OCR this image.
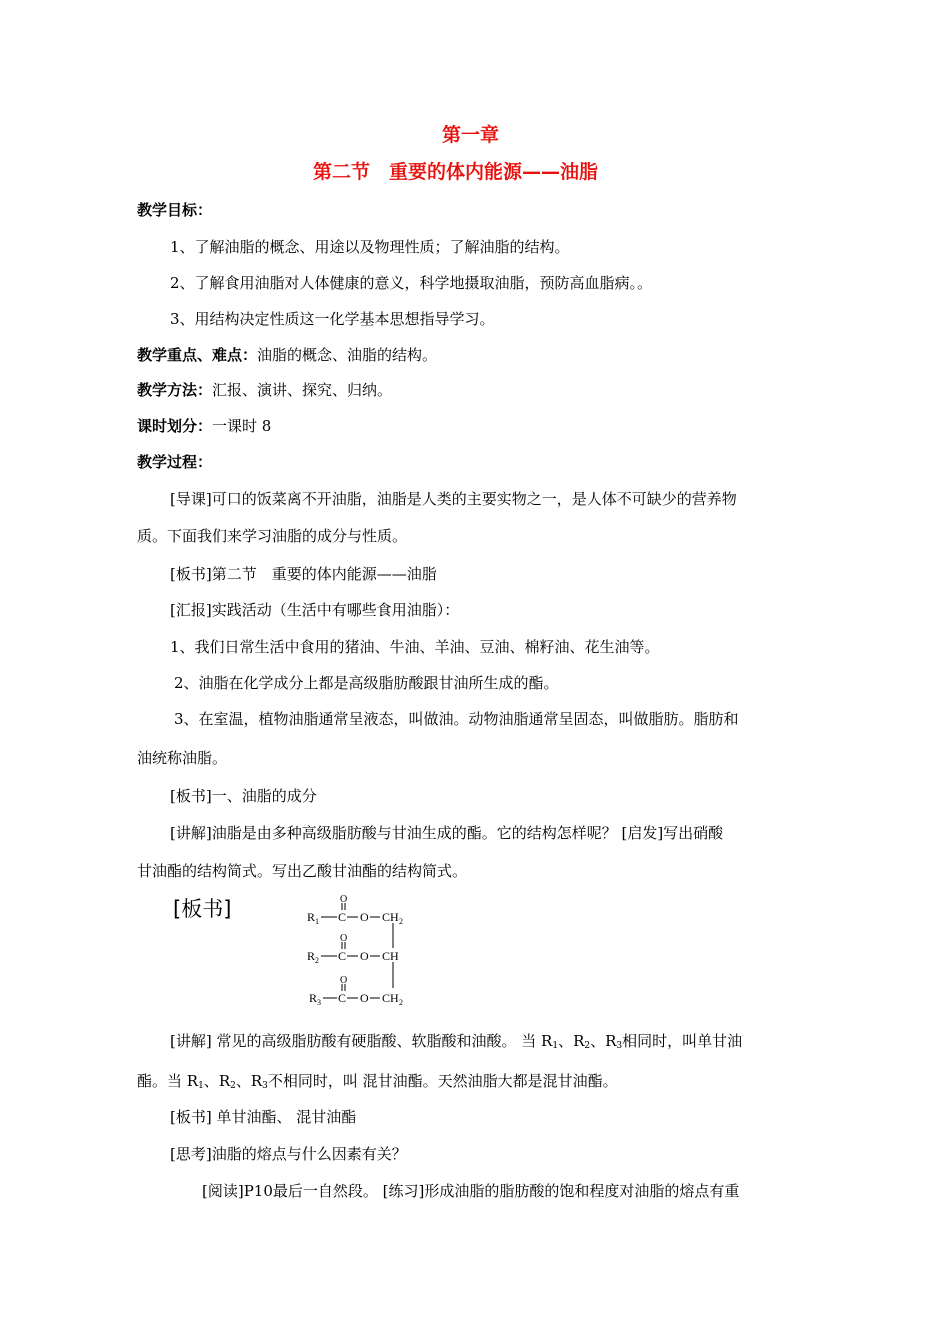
第一章
第二节　重要的体内能源——油脂
教学目标：
1、了解油脂的概念、用途以及物理性质；了解油脂的结构。
2、了解食用油脂对人体健康的意义，科学地摄取油脂，预防高血脂病。。
3、用结构决定性质这一化学基本思想指导学习。
教学重点、难点：油脂的概念、油脂的结构。
教学方法：汇报、演讲、探究、归纳。
课时划分：一课时 8
教学过程：
[导课]可口的饭菜离不开油脂，油脂是人类的主要实物之一，是人体不可缺少的营养物
质。下面我们来学习油脂的成分与性质。
[板书]第二节　重要的体内能源——油脂
[汇报]实践活动（生活中有哪些食用油脂）：
1、我们日常生活中食用的猪油、牛油、羊油、豆油、棉籽油、花生油等。
2、油脂在化学成分上都是高级脂肪酸跟甘油所生成的酯。
3、在室温，植物油脂通常呈液态，叫做油。动物油脂通常呈固态，叫做脂肪。脂肪和
油统称油脂。
[板书]一、油脂的成分
[讲解]油脂是由多种高级脂肪酸与甘油生成的酯。它的结构怎样呢？ [启发]写出硝酸
甘油酯的结构简式。写出乙酸甘油酯的结构简式。
[板书]	R 1 C
O
O CH 2
R 2 C
O
O CH
R 3 C
O
O CH 2
[讲解] 常见的高级脂肪酸有硬脂酸、软脂酸和油酸。 当 $R_1$、$R_2$、$R_3$相同时，叫单甘油
酯。当 $R_1$、$R_2$、$R_3$不相同时，叫 混甘油酯。天然油脂大都是混甘油酯。
[板书] 单甘油酯、 混甘油酯
[思考]油脂的熔点与什么因素有关？
[阅读]P10最后一自然段。 [练习]形成油脂的脂肪酸的饱和程度对油脂的熔点有重
